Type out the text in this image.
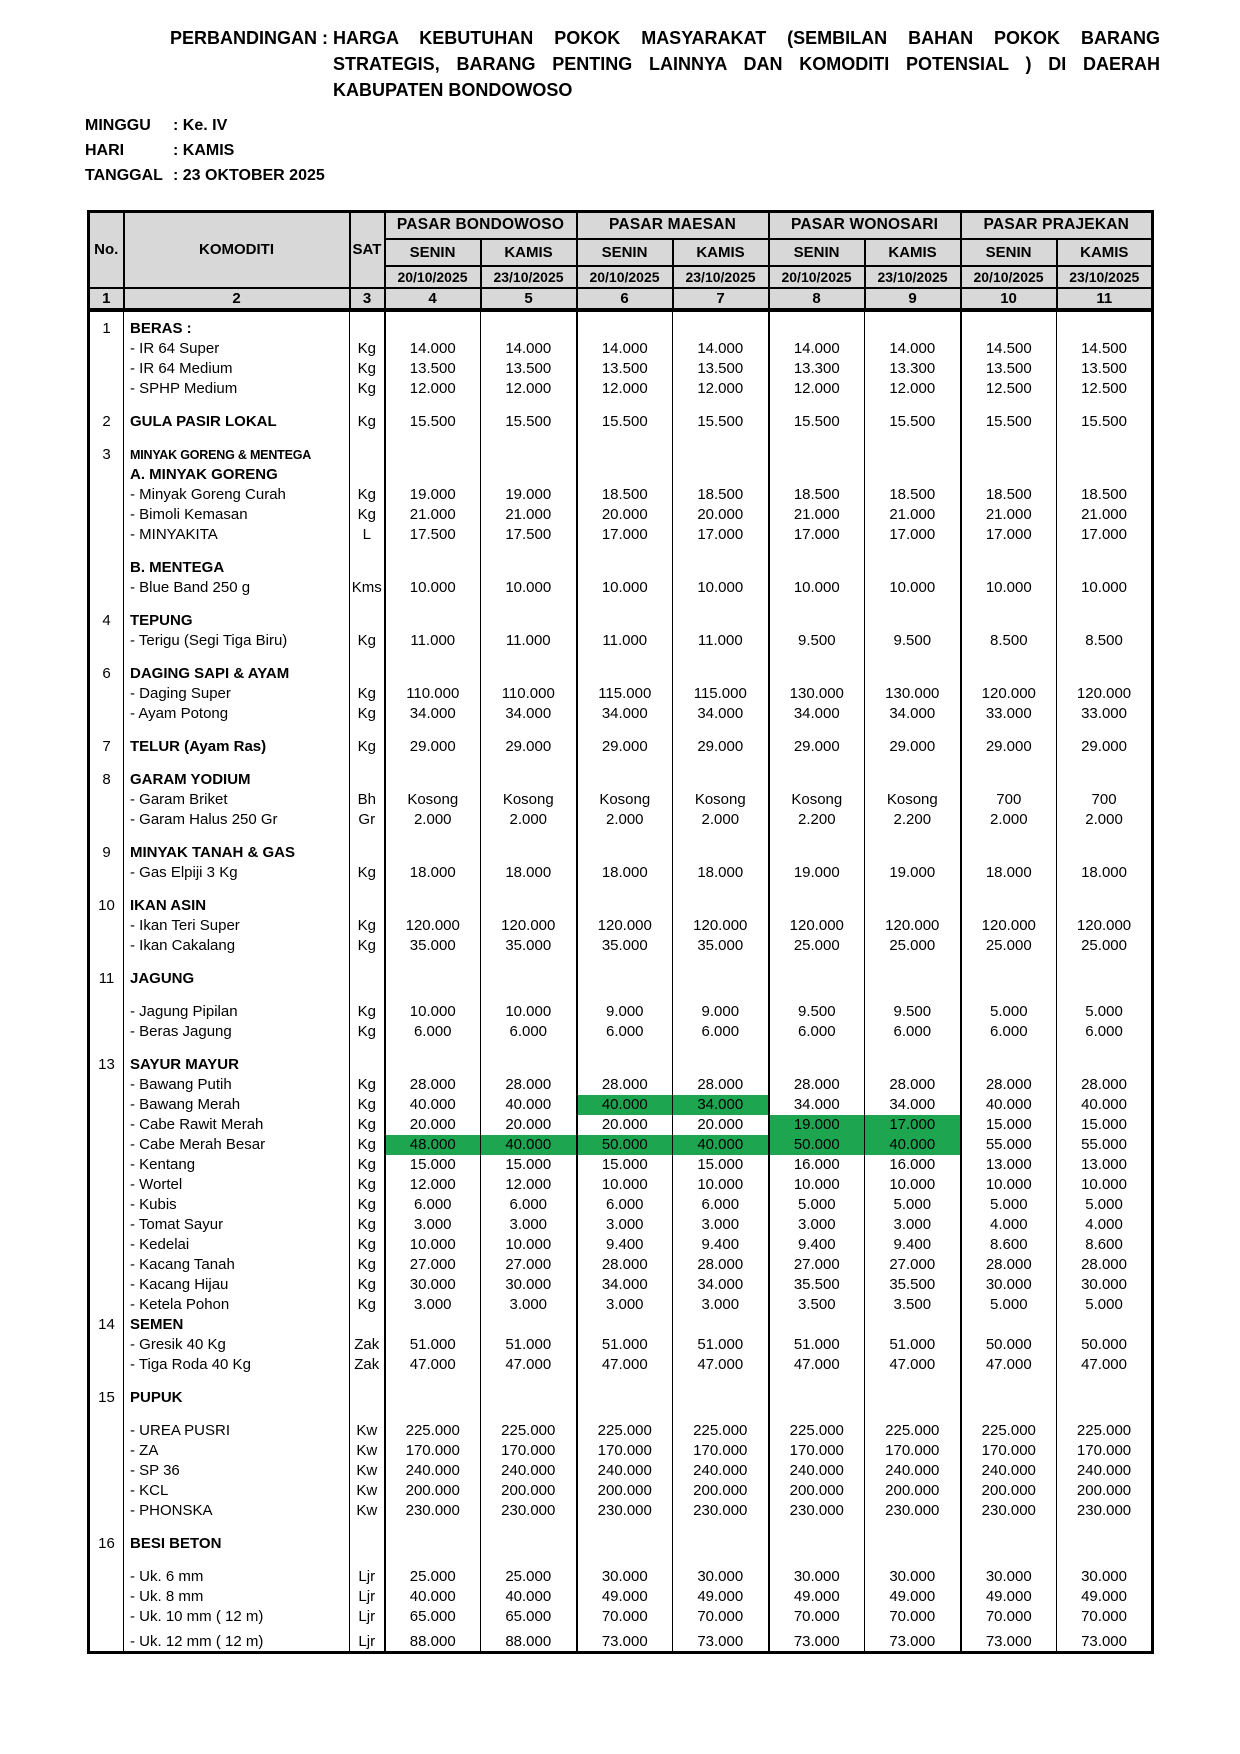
PERBANDINGAN : HARGA KEBUTUHAN POKOK MASYARAKAT (SEMBILAN BAHAN POKOK BARANG
STRATEGIS, BARANG PENTING LAINNYA DAN KOMODITI POTENSIAL ) DI DAERAH
KABUPATEN BONDOWOSO
MINGGU	: Ke. IV
HARI	: KAMIS
TANGGAL : 23 OKTOBER 2025
No.	KOMODITI	SAT	PASAR BONDOWOSO		PASAR MAESAN		PASAR WONOSARI		PASAR PRAJEKAN	
			SENIN	KAMIS	SENIN	KAMIS	SENIN	KAMIS	SENIN	KAMIS
			20/10/2025	23/10/2025	20/10/2025	23/10/2025	20/10/2025	23/10/2025	20/10/2025	23/10/2025
1	2	3	4	5	6	7	8	9	10	11

1	BERAS :									
	- IR 64 Super	Kg	14.000	14.000	14.000	14.000	14.000	14.000	14.500	14.500
	- IR 64 Medium	Kg	13.500	13.500	13.500	13.500	13.300	13.300	13.500	13.500
	- SPHP Medium	Kg	12.000	12.000	12.000	12.000	12.000	12.000	12.500	12.500

2	GULA PASIR LOKAL	Kg	15.500	15.500	15.500	15.500	15.500	15.500	15.500	15.500

3	MINYAK GORENG & MENTEGA									
	A. MINYAK GORENG									
	- Minyak Goreng Curah	Kg	19.000	19.000	18.500	18.500	18.500	18.500	18.500	18.500
	- Bimoli Kemasan	Kg	21.000	21.000	20.000	20.000	21.000	21.000	21.000	21.000
	- MINYAKITA	L	17.500	17.500	17.000	17.000	17.000	17.000	17.000	17.000

	B. MENTEGA									
	- Blue Band 250 g	Kms	10.000	10.000	10.000	10.000	10.000	10.000	10.000	10.000

4	TEPUNG									
	- Terigu (Segi Tiga Biru)	Kg	11.000	11.000	11.000	11.000	9.500	9.500	8.500	8.500

6	DAGING SAPI & AYAM									
	- Daging Super	Kg	110.000	110.000	115.000	115.000	130.000	130.000	120.000	120.000
	- Ayam Potong	Kg	34.000	34.000	34.000	34.000	34.000	34.000	33.000	33.000

7	TELUR (Ayam Ras)	Kg	29.000	29.000	29.000	29.000	29.000	29.000	29.000	29.000

8	GARAM YODIUM									
	- Garam Briket	Bh	Kosong	Kosong	Kosong	Kosong	Kosong	Kosong	700	700
	- Garam Halus 250 Gr	Gr	2.000	2.000	2.000	2.000	2.200	2.200	2.000	2.000

9	MINYAK TANAH & GAS									
	- Gas Elpiji 3 Kg	Kg	18.000	18.000	18.000	18.000	19.000	19.000	18.000	18.000

10	IKAN ASIN									
	- Ikan Teri Super	Kg	120.000	120.000	120.000	120.000	120.000	120.000	120.000	120.000
	- Ikan Cakalang	Kg	35.000	35.000	35.000	35.000	25.000	25.000	25.000	25.000

11	JAGUNG									

	- Jagung Pipilan	Kg	10.000	10.000	9.000	9.000	9.500	9.500	5.000	5.000
	- Beras Jagung	Kg	6.000	6.000	6.000	6.000	6.000	6.000	6.000	6.000

13	SAYUR MAYUR									
	- Bawang Putih	Kg	28.000	28.000	28.000	28.000	28.000	28.000	28.000	28.000
	- Bawang Merah	Kg	40.000	40.000	40.000	34.000	34.000	34.000	40.000	40.000
	- Cabe Rawit Merah	Kg	20.000	20.000	20.000	20.000	19.000	17.000	15.000	15.000
	- Cabe Merah Besar	Kg	48.000	40.000	50.000	40.000	50.000	40.000	55.000	55.000
	- Kentang	Kg	15.000	15.000	15.000	15.000	16.000	16.000	13.000	13.000
	- Wortel	Kg	12.000	12.000	10.000	10.000	10.000	10.000	10.000	10.000
	- Kubis	Kg	6.000	6.000	6.000	6.000	5.000	5.000	5.000	5.000
	- Tomat Sayur	Kg	3.000	3.000	3.000	3.000	3.000	3.000	4.000	4.000
	- Kedelai	Kg	10.000	10.000	9.400	9.400	9.400	9.400	8.600	8.600
	- Kacang Tanah	Kg	27.000	27.000	28.000	28.000	27.000	27.000	28.000	28.000
	- Kacang Hijau	Kg	30.000	30.000	34.000	34.000	35.500	35.500	30.000	30.000
	- Ketela Pohon	Kg	3.000	3.000	3.000	3.000	3.500	3.500	5.000	5.000
14	SEMEN									
	- Gresik 40 Kg	Zak	51.000	51.000	51.000	51.000	51.000	51.000	50.000	50.000
	- Tiga Roda 40 Kg	Zak	47.000	47.000	47.000	47.000	47.000	47.000	47.000	47.000

15	PUPUK									

	- UREA PUSRI	Kw	225.000	225.000	225.000	225.000	225.000	225.000	225.000	225.000
	- ZA	Kw	170.000	170.000	170.000	170.000	170.000	170.000	170.000	170.000
	- SP 36	Kw	240.000	240.000	240.000	240.000	240.000	240.000	240.000	240.000
	- KCL	Kw	200.000	200.000	200.000	200.000	200.000	200.000	200.000	200.000
	- PHONSKA	Kw	230.000	230.000	230.000	230.000	230.000	230.000	230.000	230.000

16	BESI BETON									

	- Uk. 6 mm	Ljr	25.000	25.000	30.000	30.000	30.000	30.000	30.000	30.000
	- Uk. 8 mm	Ljr	40.000	40.000	49.000	49.000	49.000	49.000	49.000	49.000
	- Uk. 10 mm ( 12 m)	Ljr	65.000	65.000	70.000	70.000	70.000	70.000	70.000	70.000

	- Uk. 12 mm ( 12 m)	Ljr	88.000	88.000	73.000	73.000	73.000	73.000	73.000	73.000
